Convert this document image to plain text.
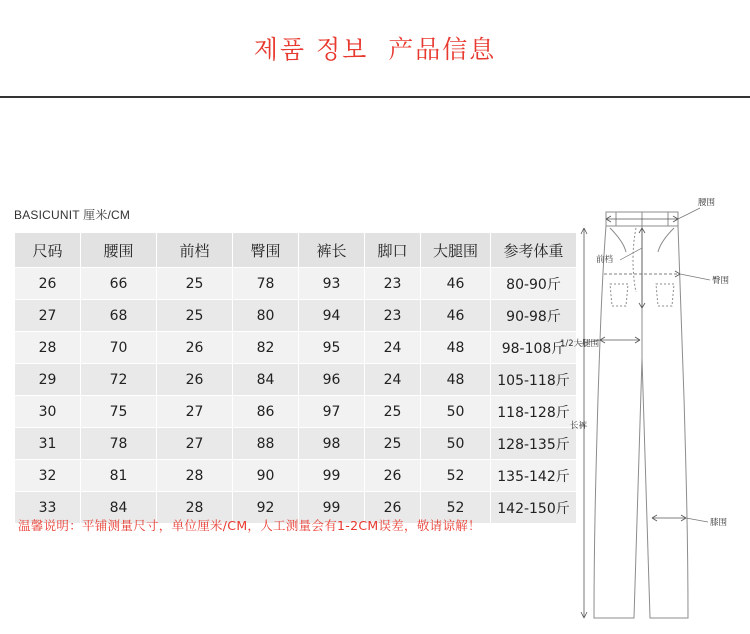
제품 정보  产品信息
BASICUNIT 厘米/CM
尺码	腰围	前档	臀围	裤长	脚口	大腿围	参考体重
26	66	25	78	93	23	46	80-90斤
27	68	25	80	94	23	46	90-98斤
28	70	26	82	95	24	48	98-108斤
29	72	26	84	96	24	48	105-118斤
30	75	27	86	97	25	50	118-128斤
31	78	27	88	98	25	50	128-135斤
32	81	28	90	99	26	52	135-142斤
33	84	28	92	99	26	52	142-150斤
温馨说明：平铺测量尺寸，单位厘米/CM，人工测量会有1-2CM误差，敬请谅解！
腰围
臀围
前档
1/2大腿围
膝围
长裤
